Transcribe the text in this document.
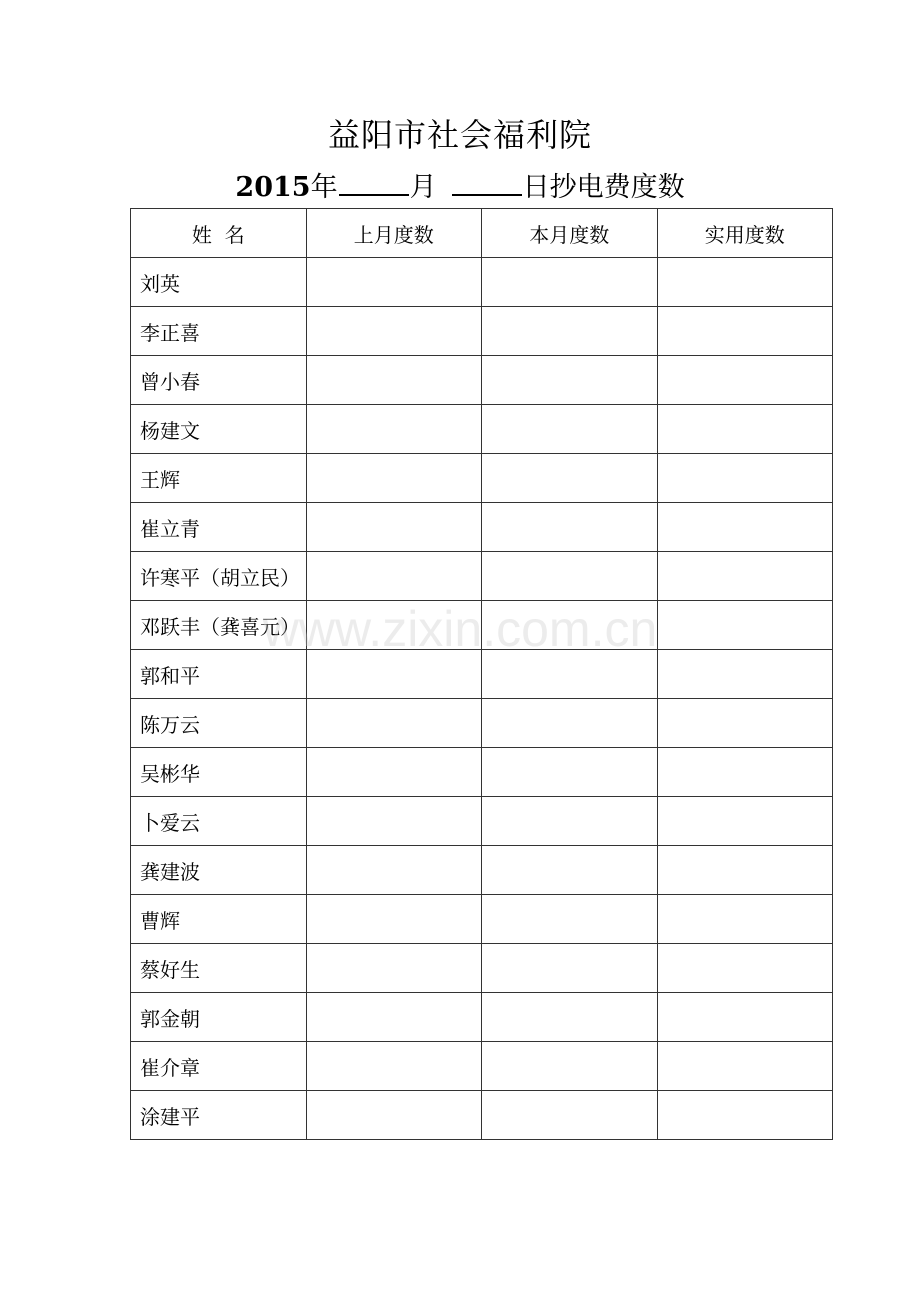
益阳市社会福利院
2015年	月	日抄电费度数
姓  名	上月度数	本月度数	实用度数
刘英			
李正喜			
曾小春			
杨建文			
王辉			
崔立青			
许寒平（胡立民）			
邓跃丰（龚喜元）			
郭和平			
陈万云			
吴彬华			
卜爱云			
龚建波			
曹辉			
蔡好生			
郭金朝			
崔介章			
涂建平			
www.zixin.com.cn
